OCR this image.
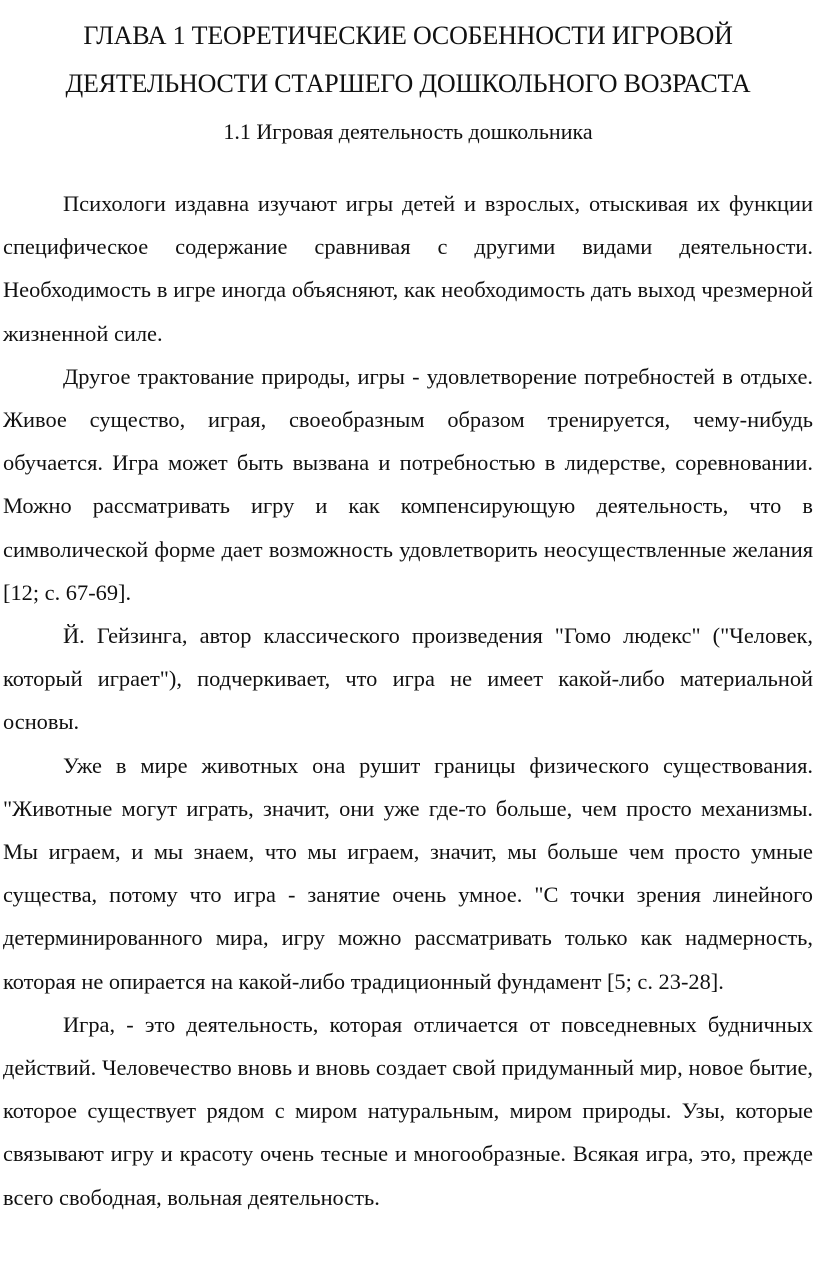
ГЛАВА 1 ТЕОРЕТИЧЕСКИЕ ОСОБЕННОСТИ ИГРОВОЙ ДЕЯТЕЛЬНОСТИ СТАРШЕГО ДОШКОЛЬНОГО ВОЗРАСТА
1.1 Игровая деятельность дошкольника

Психологи издавна изучают игры детей и взрослых, отыскивая их функции специфическое содержание сравнивая с другими видами деятельности. Необходимость в игре иногда объясняют, как необходимость дать выход чрезмерной жизненной силе.

Другое трактование природы, игры - удовлетворение потребностей в отдыхе. Живое существо, играя, своеобразным образом тренируется, чему-нибудь обучается. Игра может быть вызвана и потребностью в лидерстве, соревновании. Можно рассматривать игру и как компенсирующую деятельность, что в символической форме дает возможность удовлетворить неосуществленные желания [12; с. 67-69].

Й. Гейзинга, автор классического произведения "Гомо людекс" ("Человек, который играет"), подчеркивает, что игра не имеет какой-либо материальной основы.

Уже в мире животных она рушит границы физического существования. "Животные могут играть, значит, они уже где-то больше, чем просто механизмы. Мы играем, и мы знаем, что мы играем, значит, мы больше чем просто умные существа, потому что игра - занятие очень умное. "С точки зрения линейного детерминированного мира, игру можно рассматривать только как надмерность, которая не опирается на какой-либо традиционный фундамент [5; с. 23-28].

Игра, - это деятельность, которая отличается от повседневных будничных действий. Человечество вновь и вновь создает свой придуманный мир, новое бытие, которое существует рядом с миром натуральным, миром природы. Узы, которые связывают игру и красоту очень тесные и многообразные. Всякая игра, это, прежде всего свободная, вольная деятельность.
